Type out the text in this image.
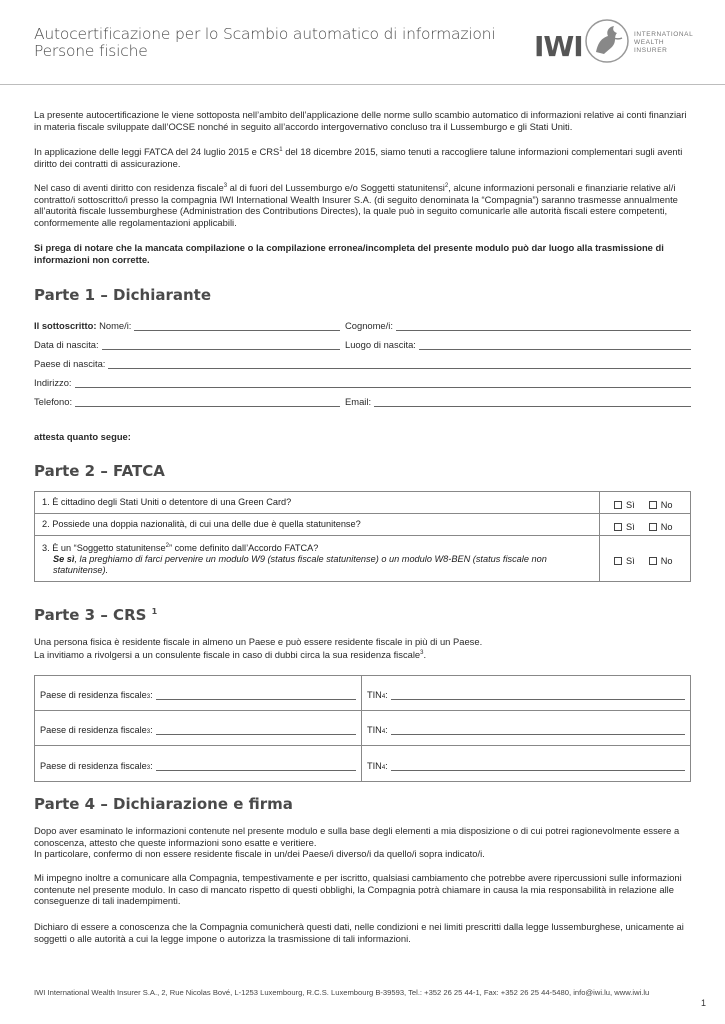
Autocertificazione per lo Scambio automatico di informazioni
Persone fisiche	IWI	INTERNATIONAL
WEALTH
INSURER

La presente autocertificazione le viene sottoposta nell’ambito dell’applicazione delle norme sullo scambio automatico di informazioni relative ai conti finanziari in materia fiscale sviluppate dall’OCSE nonché in seguito all’accordo intergovernativo concluso tra il Lussemburgo e gli Stati Uniti.

In applicazione delle leggi FATCA del 24 luglio 2015 e CRS$^1$ del 18 dicembre 2015, siamo tenuti a raccogliere talune informazioni complementari sugli aventi diritto dei contratti di assicurazione.

Nel caso di aventi diritto con residenza fiscale$^3$ al di fuori del Lussemburgo e/o Soggetti statunitensi$^2$, alcune informazioni personali e finanziarie relative al/i contratto/i sottoscritto/i presso la compagnia IWI International Wealth Insurer S.A. (di seguito denominata la “Compagnia”) saranno trasmesse annualmente all’autorità fiscale lussemburghese (Administration des Contributions Directes), la quale può in seguito comunicarle alle autorità fiscali estere competenti, conformemente alle regolamentazioni applicabili.

Si prega di notare che la mancata compilazione o la compilazione erronea/incompleta del presente modulo può dar luogo alla trasmissione di informazioni non corrette.

Parte 1 – Dichiarante
Il sottoscritto:
Nome/i:	Cognome/i:
Data di nascita:	Luogo di nascita:
Paese di nascita:
Indirizzo:
Telefono:	Email:

attesta quanto segue:

Parte 2 – FATCA
1. È cittadino degli Stati Uniti o detentore di una Green Card?	Sì	No
2. Possiede una doppia nazionalità, di cui una delle due è quella statunitense?	Sì	No
3. È un “Soggetto statunitense$^2$” come definito dall’Accordo FATCA?
Se sì, la preghiamo di farci pervenire un modulo W9 (status fiscale statunitense) o un modulo W8-BEN (status fiscale non statunitense).
Sì	No
Parte 3 – CRS $^1$

Una persona fisica è residente fiscale in almeno un Paese e può essere residente fiscale in più di un Paese.
La invitiamo a rivolgersi a un consulente fiscale in caso di dubbi circa la sua residenza fiscale$^3$.

Paese di residenza fiscale$_3$ :	$TIN_4$ :
Paese di residenza fiscale$_3$ :	$TIN_4$ :
Paese di residenza fiscale$_3$ :	$TIN_4$ :
Parte 4 – Dichiarazione e firma

Dopo aver esaminato le informazioni contenute nel presente modulo e sulla base degli elementi a mia disposizione o di cui potrei ragionevolmente essere a conoscenza, attesto che queste informazioni sono esatte e veritiere.
In particolare, confermo di non essere residente fiscale in un/dei Paese/i diverso/i da quello/i sopra indicato/i.

Mi impegno inoltre a comunicare alla Compagnia, tempestivamente e per iscritto, qualsiasi cambiamento che potrebbe avere ripercussioni sulle informazioni contenute nel presente modulo. In caso di mancato rispetto di questi obblighi, la Compagnia potrà chiamare in causa la mia responsabilità in relazione alle conseguenze di tali inadempimenti.

Dichiaro di essere a conoscenza che la Compagnia comunicherà questi dati, nelle condizioni e nei limiti prescritti dalla legge lussemburghese, unicamente ai soggetti o alle autorità a cui la legge impone o autorizza la trasmissione di tali informazioni.

IWI International Wealth Insurer S.A., 2, Rue Nicolas Bové, L-1253 Luxembourg, R.C.S. Luxembourg B-39593, Tel.: +352 26 25 44-1, Fax: +352 26 25 44-5480, info@iwi.lu, www.iwi.lu
1
